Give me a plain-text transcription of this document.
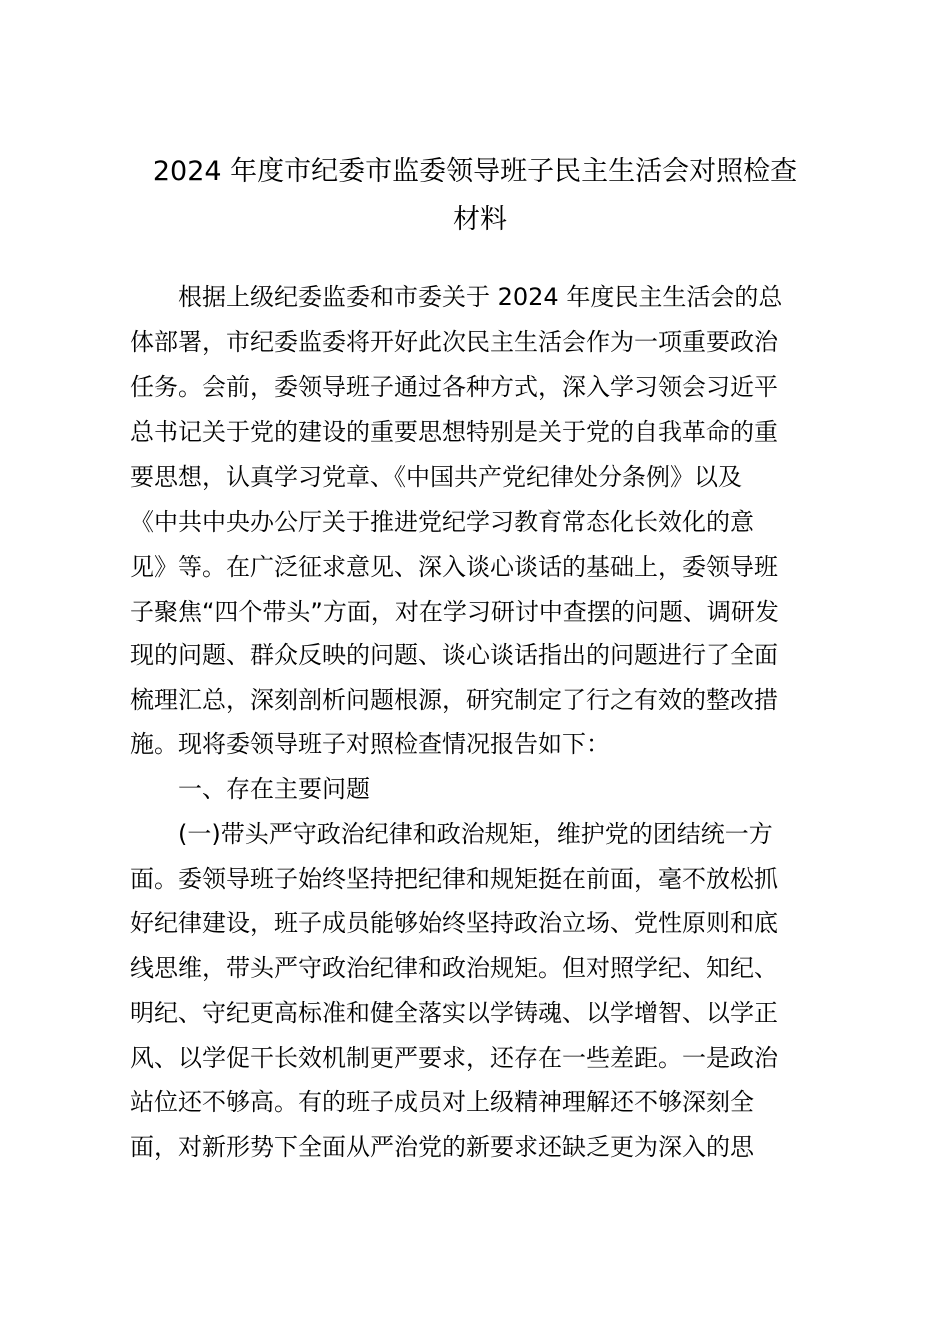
2024 年度市纪委市监委领导班子民主生活会对照检查
材料
根据上级纪委监委和市委关于 2024 年度民主生活会的总
体部署，市纪委监委将开好此次民主生活会作为一项重要政治
任务。会前，委领导班子通过各种方式，深入学习领会习近平
总书记关于党的建设的重要思想特别是关于党的自我革命的重
要思想，认真学习党章、《中国共产党纪律处分条例》以及
《中共中央办公厅关于推进党纪学习教育常态化长效化的意
见》等。在广泛征求意见、深入谈心谈话的基础上，委领导班
子聚焦“四个带头”方面，对在学习研讨中查摆的问题、调研发
现的问题、群众反映的问题、谈心谈话指出的问题进行了全面
梳理汇总，深刻剖析问题根源，研究制定了行之有效的整改措
施。现将委领导班子对照检查情况报告如下：
一、存在主要问题
(一)带头严守政治纪律和政治规矩，维护党的团结统一方
面。委领导班子始终坚持把纪律和规矩挺在前面，毫不放松抓
好纪律建设，班子成员能够始终坚持政治立场、党性原则和底
线思维，带头严守政治纪律和政治规矩。但对照学纪、知纪、
明纪、守纪更高标准和健全落实以学铸魂、以学增智、以学正
风、以学促干长效机制更严要求，还存在一些差距。一是政治
站位还不够高。有的班子成员对上级精神理解还不够深刻全
面，对新形势下全面从严治党的新要求还缺乏更为深入的思
